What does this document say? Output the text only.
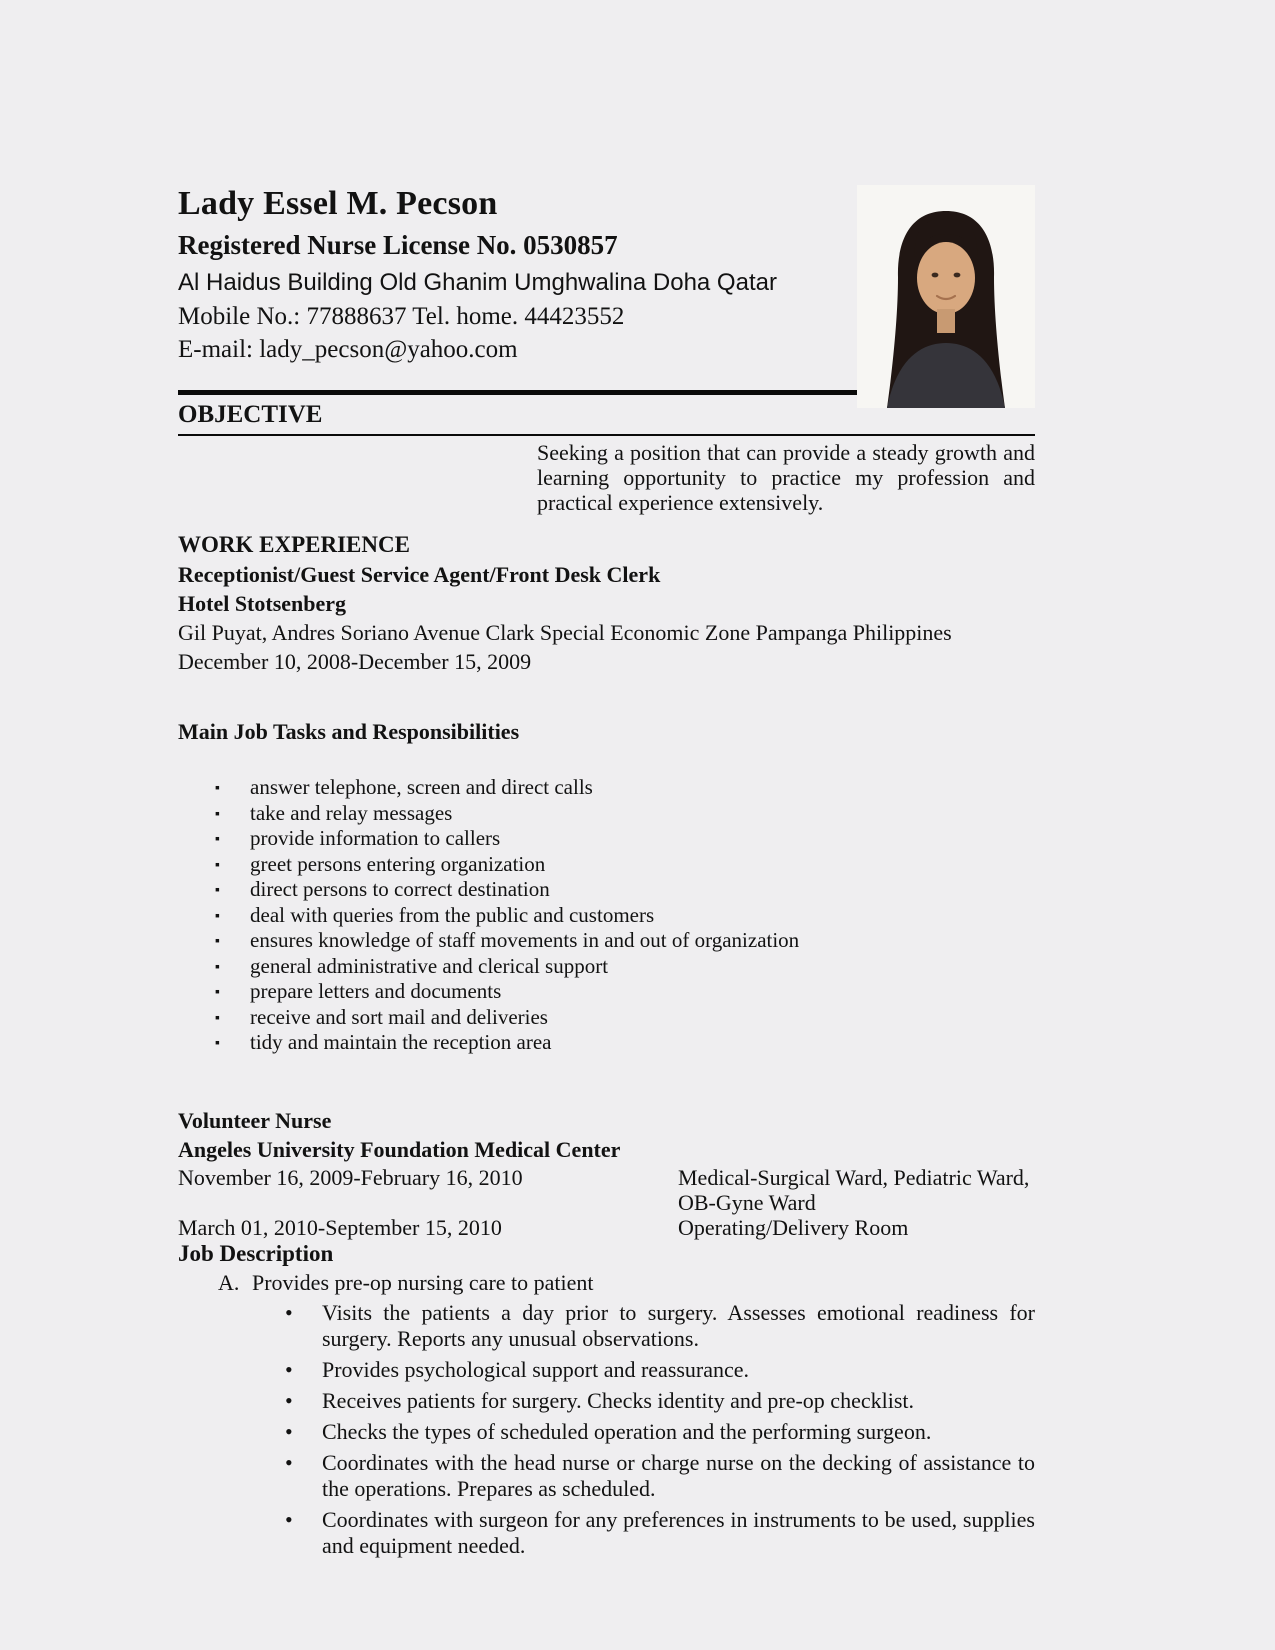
Lady Essel M. Pecson
Registered Nurse License No. 0530857

Al Haidus Building Old Ghanim Umghwalina Doha Qatar

Mobile No.: 77888637 Tel. home. 44423552

E-mail: lady_pecson@yahoo.com

OBJECTIVE

Seeking a position that can provide a steady growth and learning opportunity to practice my profession and practical experience extensively.

WORK EXPERIENCE

Receptionist/Guest Service Agent/Front Desk Clerk

Hotel Stotsenberg

Gil Puyat, Andres Soriano Avenue Clark Special Economic Zone Pampanga Philippines

December 10, 2008-December 15, 2009

Main Job Tasks and Responsibilities
▪ answer telephone, screen and direct calls
▪ take and relay messages
▪ provide information to callers
▪ greet persons entering organization
▪ direct persons to correct destination
▪ deal with queries from the public and customers
▪ ensures knowledge of staff movements in and out of organization
▪ general administrative and clerical support
▪ prepare letters and documents
▪ receive and sort mail and deliveries
▪ tidy and maintain the reception area

Volunteer Nurse

Angeles University Foundation Medical Center

November 16, 2009-February 16, 2010	Medical-Surgical Ward, Pediatric Ward, OB-Gyne Ward
March 01, 2010-September 15, 2010	Operating/Delivery Room
Job Description
A. Provides pre-op nursing care to patient
• Visits the patients a day prior to surgery. Assesses emotional readiness for surgery. Reports any unusual observations.
• Provides psychological support and reassurance.
• Receives patients for surgery. Checks identity and pre-op checklist.
• Checks the types of scheduled operation and the performing surgeon.
• Coordinates with the head nurse or charge nurse on the decking of assistance to the operations. Prepares as scheduled.
• Coordinates with surgeon for any preferences in instruments to be used, supplies and equipment needed.
